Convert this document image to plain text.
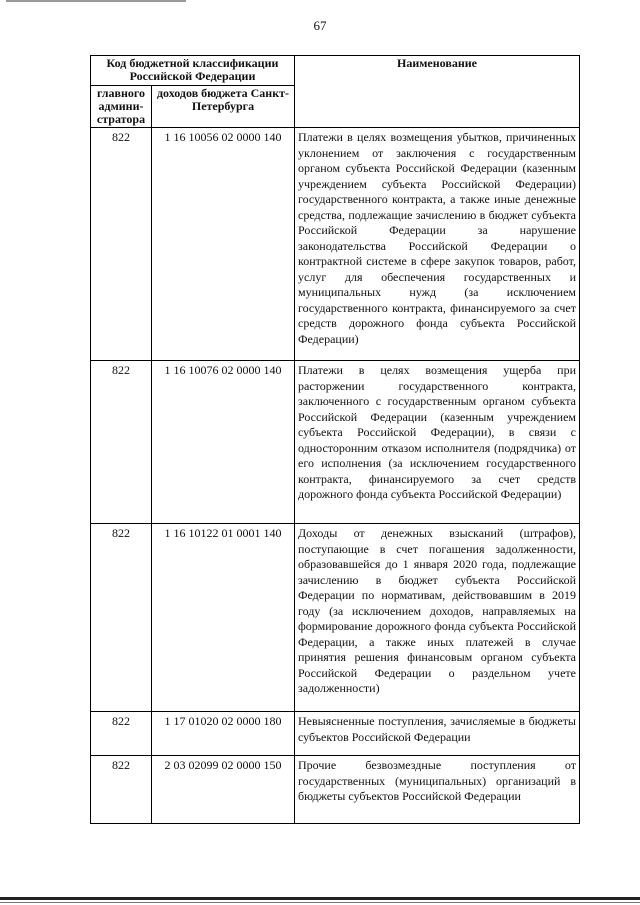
67
Код бюджетной классификации Российской Федерации		Наименование
главного админи-стратора	доходов бюджета Санкт-Петербурга	
822	1 16 10056 02 0000 140	Платежи в целях возмещения убытков, причиненных уклонением от заключения с государственным органом субъекта Российской Федерации (казенным учреждением субъекта Российской Федерации) государственного контракта, а также иные денежные средства, подлежащие зачислению в бюджет субъекта Российской Федерации за нарушение законодательства Российской Федерации о контрактной системе в сфере закупок товаров, работ, услуг для обеспечения государственных и муниципальных нужд (за исключением государственного контракта, финансируемого за счет средств дорожного фонда субъекта Российской Федерации)
822	1 16 10076 02 0000 140	Платежи в целях возмещения ущерба при расторжении государственного контракта, заключенного с государственным органом субъекта Российской Федерации (казенным учреждением субъекта Российской Федерации), в связи с односторонним отказом исполнителя (подрядчика) от его исполнения (за исключением государственного контракта, финансируемого за счет средств дорожного фонда субъекта Российской Федерации)
822	1 16 10122 01 0001 140	Доходы от денежных взысканий (штрафов), поступающие в счет погашения задолженности, образовавшейся до 1 января 2020 года, подлежащие зачислению в бюджет субъекта Российской Федерации по нормативам, действовавшим в 2019 году (за исключением доходов, направляемых на формирование дорожного фонда субъекта Российской Федерации, а также иных платежей в случае принятия решения финансовым органом субъекта Российской Федерации о раздельном учете задолженности)
822	1 17 01020 02 0000 180	Невыясненные поступления, зачисляемые в бюджеты субъектов Российской Федерации
822	2 03 02099 02 0000 150	Прочие безвозмездные поступления от государственных (муниципальных) организаций в бюджеты субъектов Российской Федерации
